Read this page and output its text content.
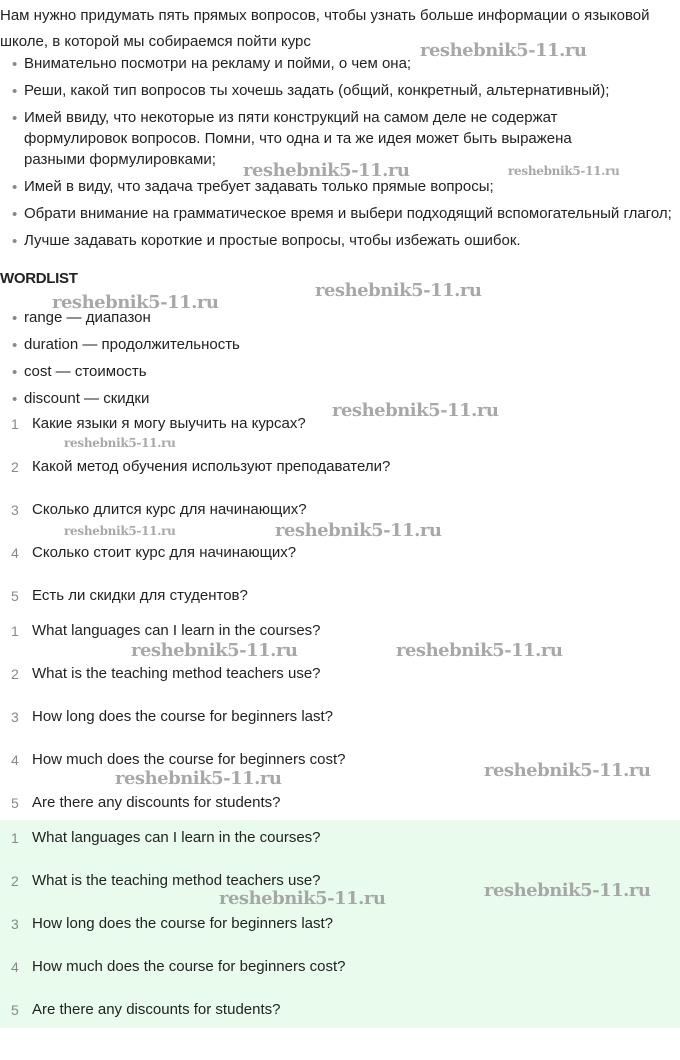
Нам нужно придумать пять прямых вопросов, чтобы узнать больше информации о языковой школе, в которой мы собираемся пойти курс

• Внимательно посмотри на рекламу и пойми, о чем она;
• Реши, какой тип вопросов ты хочешь задать (общий, конкретный, альтернативный);
• Имей ввиду, что некоторые из пяти конструкций на самом деле не содержат формулировок вопросов. Помни, что одна и та же идея может быть выражена разными формулировками;
• Имей в виду, что задача требует задавать только прямые вопросы;
• Обрати внимание на грамматическое время и выбери подходящий вспомогательный глагол;
• Лучше задавать короткие и простые вопросы, чтобы избежать ошибок.
WORDLIST
• range — диапазон
• duration — продолжительность
• cost — стоимость
• discount — скидки
1 Какие языки я могу выучить на курсах?
2 Какой метод обучения используют преподаватели?
3 Сколько длится курс для начинающих?
4 Сколько стоит курс для начинающих?
5 Есть ли скидки для студентов?
1 What languages can I learn in the courses?
2 What is the teaching method teachers use?
3 How long does the course for beginners last?
4 How much does the course for beginners cost?
5 Are there any discounts for students?
1 What languages can I learn in the courses?
2 What is the teaching method teachers use?
3 How long does the course for beginners last?
4 How much does the course for beginners cost?
5 Are there any discounts for students?
reshebnik5-11.ru
reshebnik5-11.ru	reshebnik5-11.ru
reshebnik5-11.ru
reshebnik5-11.ru
reshebnik5-11.ru
reshebnik5-11.ru
reshebnik5-11.ru	reshebnik5-11.ru
reshebnik5-11.ru	reshebnik5-11.ru
reshebnik5-11.ru	reshebnik5-11.ru
reshebnik5-11.ru	reshebnik5-11.ru
